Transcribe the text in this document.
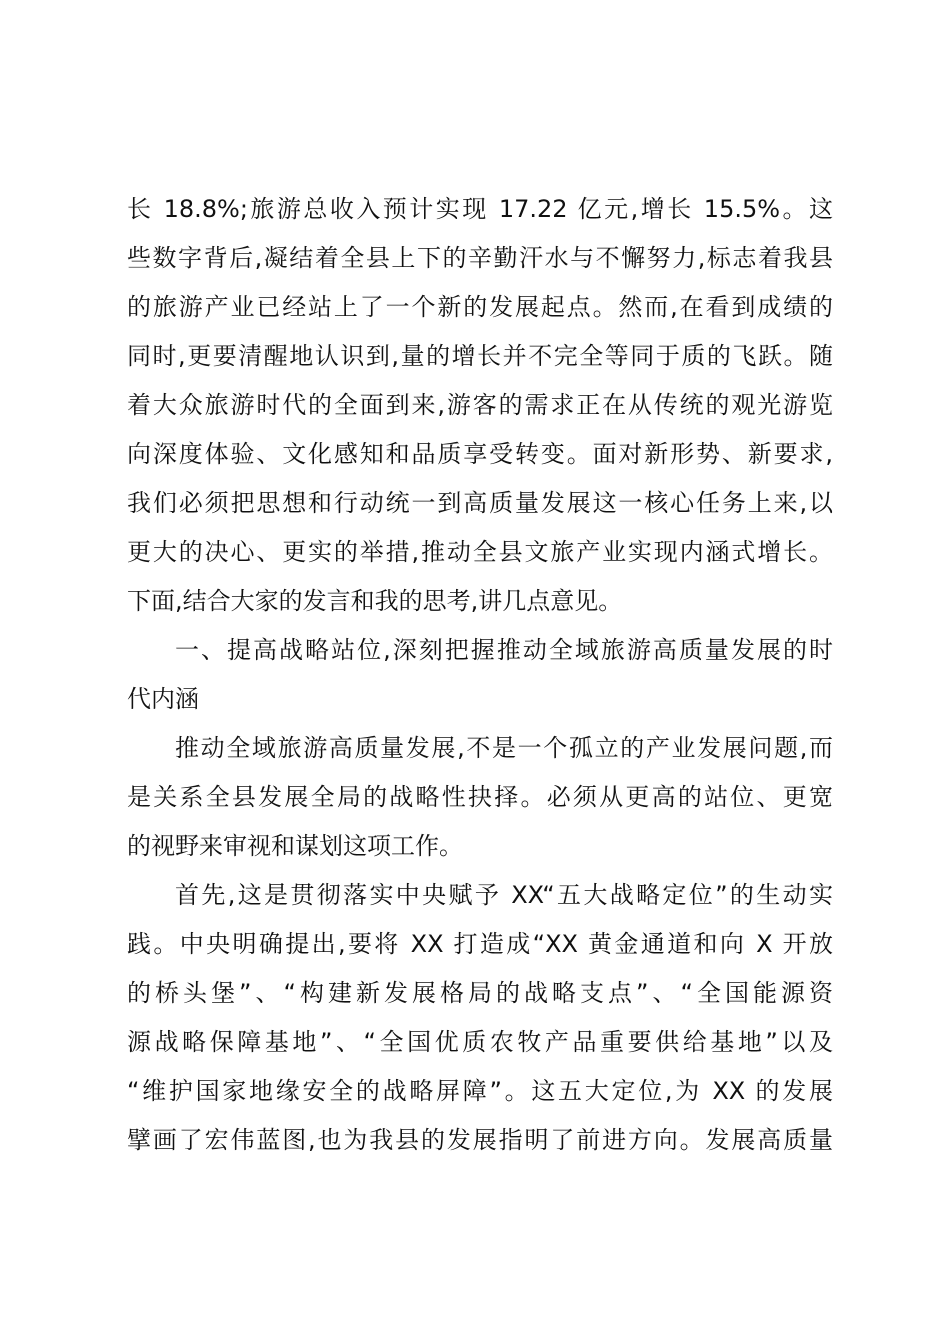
长 18.8%;旅游总收入预计实现 17.22 亿元,增长 15.5%。这
些数字背后,凝结着全县上下的辛勤汗水与不懈努力,标志着我县
的旅游产业已经站上了一个新的发展起点。然而,在看到成绩的
同时,更要清醒地认识到,量的增长并不完全等同于质的飞跃。随
着大众旅游时代的全面到来,游客的需求正在从传统的观光游览
向深度体验、文化感知和品质享受转变。面对新形势、新要求,
我们必须把思想和行动统一到高质量发展这一核心任务上来,以
更大的决心、更实的举措,推动全县文旅产业实现内涵式增长。
下面,结合大家的发言和我的思考,讲几点意见。
一、提高战略站位,深刻把握推动全域旅游高质量发展的时
代内涵
推动全域旅游高质量发展,不是一个孤立的产业发展问题,而
是关系全县发展全局的战略性抉择。必须从更高的站位、更宽
的视野来审视和谋划这项工作。
首先,这是贯彻落实中央赋予 XX“五大战略定位”的生动实
践。中央明确提出,要将 XX 打造成“XX 黄金通道和向 X 开放
的桥头堡”、“构建新发展格局的战略支点”、“全国能源资
源战略保障基地”、“全国优质农牧产品重要供给基地”以及
“维护国家地缘安全的战略屏障”。这五大定位,为 XX 的发展
擘画了宏伟蓝图,也为我县的发展指明了前进方向。发展高质量
